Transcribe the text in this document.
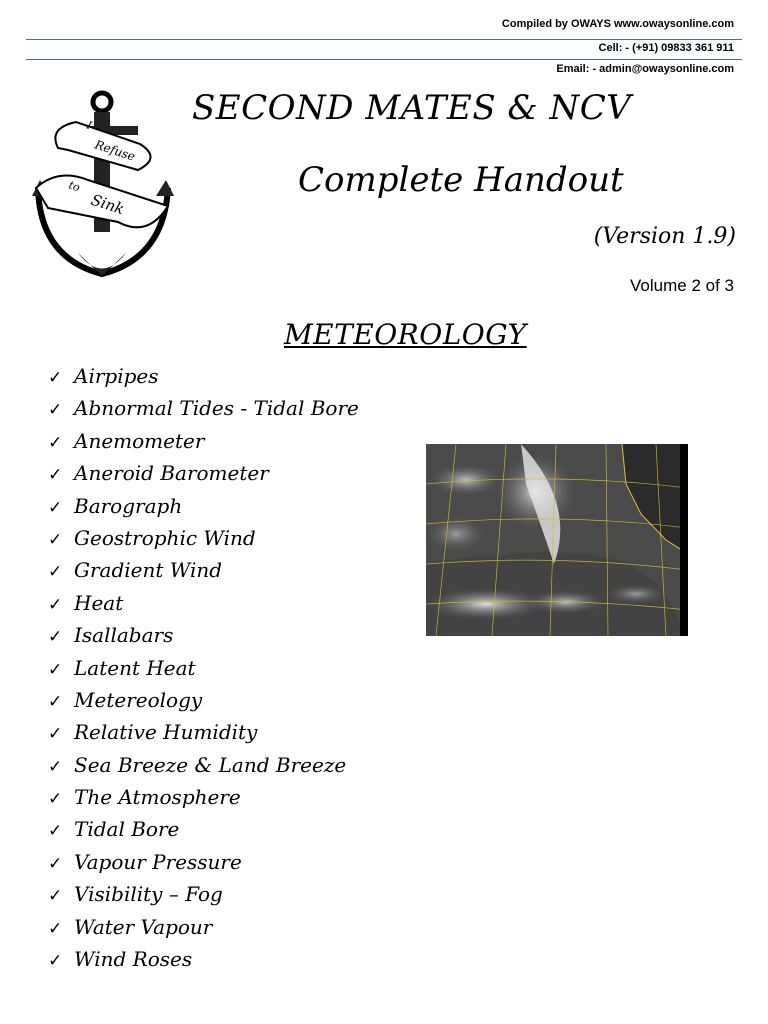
Compiled by OWAYS www.owaysonline.com
Cell: - (+91) 09833 361 911
Email: - admin@owaysonline.com
I
Refuse
to
Sink
SECOND MATES & NCV
Complete Handout
(Version 1.9)
Volume 2 of 3
METEOROLOGY
✓ Airpipes
✓ Abnormal Tides - Tidal Bore
✓ Anemometer
✓ Aneroid Barometer
✓ Barograph
✓ Geostrophic Wind
✓ Gradient Wind
✓ Heat
✓ Isallabars
✓ Latent Heat
✓ Metereology
✓ Relative Humidity
✓ Sea Breeze & Land Breeze
✓ The Atmosphere
✓ Tidal Bore
✓ Vapour Pressure
✓ Visibility – Fog
✓ Water Vapour
✓ Wind Roses
